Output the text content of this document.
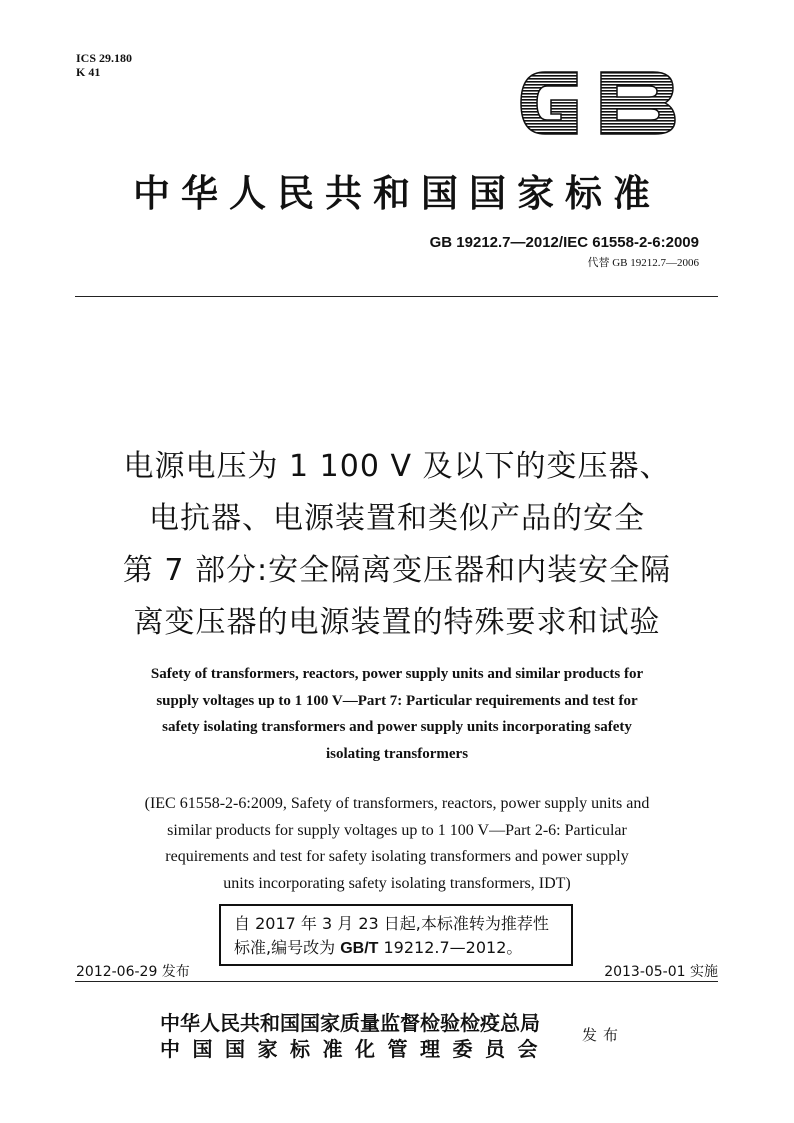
ICS 29.180
K 41
GB
中华人民共和国国家标准
GB 19212.7—2012/IEC 61558-2-6:2009
代替 GB 19212.7—2006
电源电压为 1 100 V 及以下的变压器、
电抗器、电源装置和类似产品的安全
第 7 部分:安全隔离变压器和内装安全隔
离变压器的电源装置的特殊要求和试验
Safety of transformers, reactors, power supply units and similar products for
supply voltages up to 1 100 V—Part 7: Particular requirements and test for
safety isolating transformers and power supply units incorporating safety
isolating transformers
(IEC 61558-2-6:2009, Safety of transformers, reactors, power supply units and
similar products for supply voltages up to 1 100 V—Part 2-6: Particular
requirements and test for safety isolating transformers and power supply
units incorporating safety isolating transformers, IDT)
自 2017 年 3 月 23 日起,本标准转为推荐性
标准,编号改为 GB/T 19212.7—2012。
2012-06-29 发布	2013-05-01 实施
中华人民共和国国家质量监督检验检疫总局
中国国家标准化管理委员会
发布
